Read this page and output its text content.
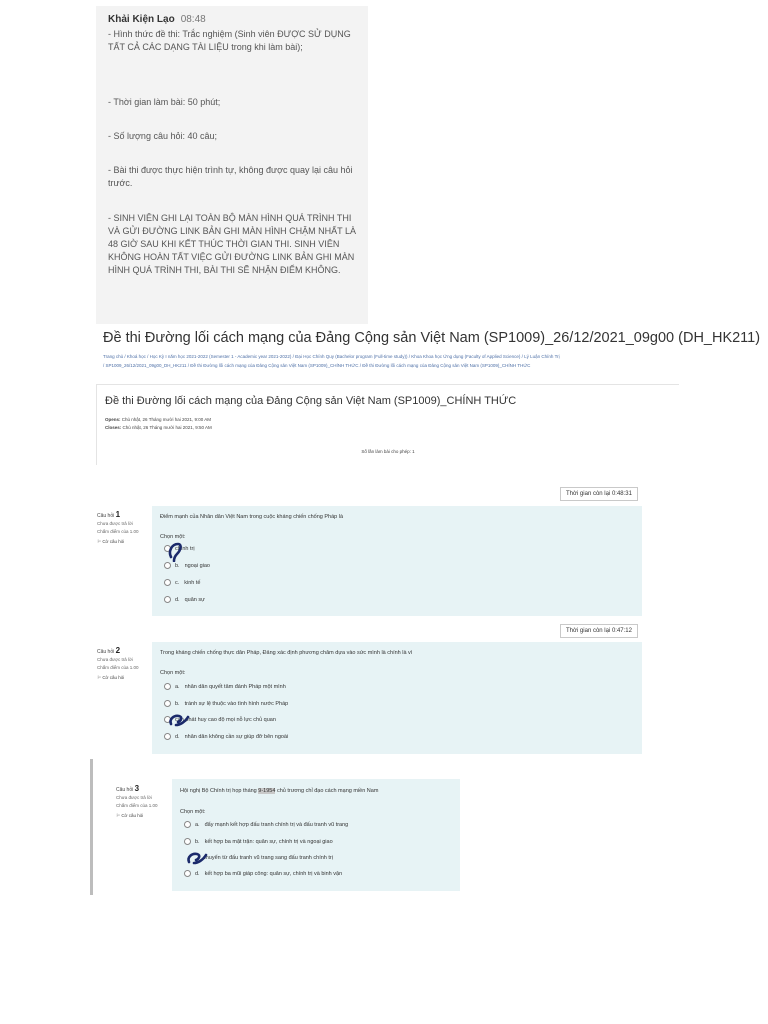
Khải Kiện Lạo 08:48

- Hình thức đề thi: Trắc nghiệm (Sinh viên ĐƯỢC SỬ DỤNG TẤT CẢ CÁC DẠNG TÀI LIỆU trong khi làm bài);

- Thời gian làm bài: 50 phút;

- Số lượng câu hỏi: 40 câu;

- Bài thi được thực hiện trình tự, không được quay lại câu hỏi trước.

- SINH VIÊN GHI LẠI TOÀN BỘ MÀN HÌNH QUÁ TRÌNH THI VÀ GỬI ĐƯỜNG LINK BẢN GHI MÀN HÌNH CHẬM NHẤT LÀ 48 GIỜ SAU KHI KẾT THÚC THỜI GIAN THI. SINH VIÊN KHÔNG HOÀN TẤT VIỆC GỬI ĐƯỜNG LINK BẢN GHI MÀN HÌNH QUÁ TRÌNH THI, BÀI THI SẼ NHẬN ĐIỂM KHÔNG.

Đề thi Đường lối cách mạng của Đảng Cộng sản Việt Nam (SP1009)_26/12/2021_09g00 (DH_HK211)
Trang chủ / Khoá học / Học Kỳ I năm học 2021-2022 (Semester 1 - Academic year 2021-2022) / Đại Học Chính Quy (Bachelor program (Full-time study)) / Khoa Khoa học Ứng dụng (Faculty of Applied Science) / Lý Luận Chính Trị
/ SP1009_26/12/2021_09g00_DH_HK211 / Đề thi Đường lối cách mạng của Đảng Cộng sản Việt Nam (SP1009)_CHÍNH THỨC / Đề thi Đường lối cách mạng của Đảng Cộng sản Việt Nam (SP1009)_CHÍNH THỨC
Đề thi Đường lối cách mạng của Đảng Cộng sản Việt Nam (SP1009)_CHÍNH THỨC
Opens: Chủ nhật, 26 Tháng mười hai 2021, 9:00 AM
Closes: Chủ nhật, 26 Tháng mười hai 2021, 9:50 AM
Số lần làm bài cho phép: 1
Thời gian còn lại 0:48:31
Câu hỏi 1
Chưa được trả lời
Chấm điểm của 1.00
⚐ Cờ câu hỏi
Điểm mạnh của Nhân dân Việt Nam trong cuộc kháng chiến chống Pháp là
Chọn một:
chính trị
b. ngoại giao
c. kinh tế
d. quân sự
Thời gian còn lại 0:47:12
Câu hỏi 2
Chưa được trả lời
Chấm điểm của 1.00
⚐ Cờ câu hỏi
Trong kháng chiến chống thực dân Pháp, Đảng xác định phương châm dựa vào sức mình là chính là vì
Chọn một:
a. nhân dân quyết tâm đánh Pháp một mình
b. tránh sự lệ thuộc vào tình hình nước Pháp
cần phát huy cao độ mọi nỗ lực chủ quan
d. nhân dân không cần sự giúp đỡ bên ngoài
Câu hỏi 3
Chưa được trả lời
Chấm điểm của 1.00
⚐ Cờ câu hỏi
Hội nghị Bộ Chính trị họp tháng 9-1954 chủ trương chỉ đạo cách mạng miền Nam
Chọn một:
a. đẩy mạnh kết hợp đấu tranh chính trị và đấu tranh vũ trang
b. kết hợp ba mặt trận: quân sự, chính trị và ngoại giao
chuyển từ đấu tranh vũ trang sang đấu tranh chính trị
d. kết hợp ba mũi giáp công: quân sự, chính trị và binh vận
